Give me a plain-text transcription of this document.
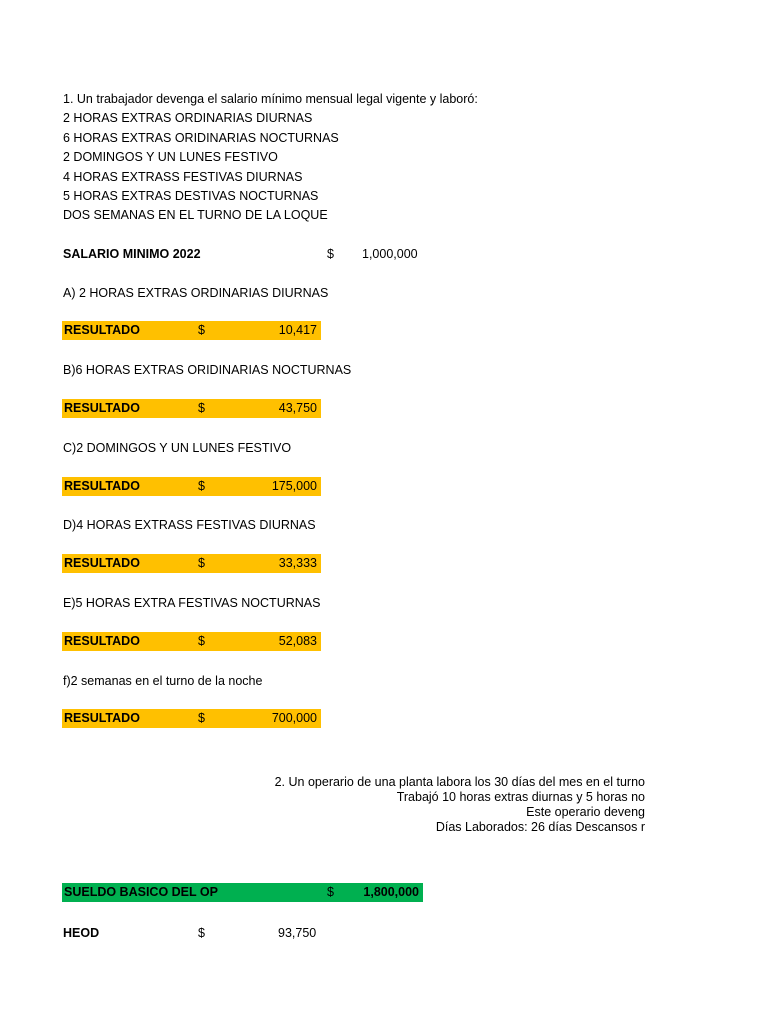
1. Un trabajador devenga el salario mínimo mensual legal vigente y laboró:
2 HORAS EXTRAS ORDINARIAS DIURNAS
6 HORAS EXTRAS ORIDINARIAS NOCTURNAS
2 DOMINGOS Y UN LUNES FESTIVO
4 HORAS EXTRASS FESTIVAS DIURNAS
5 HORAS EXTRAS DESTIVAS NOCTURNAS
DOS SEMANAS EN EL TURNO DE LA LOQUE
SALARIO MINIMO 2022	$ 1,000,000
A) 2 HORAS EXTRAS ORDINARIAS DIURNAS
RESULTADO	$	10,417
B)6 HORAS EXTRAS ORIDINARIAS NOCTURNAS
RESULTADO	$	43,750
C)2 DOMINGOS Y UN LUNES FESTIVO
RESULTADO	$	175,000
D)4 HORAS EXTRASS FESTIVAS DIURNAS
RESULTADO	$	33,333
E)5 HORAS EXTRA FESTIVAS NOCTURNAS
RESULTADO	$	52,083
f)2 semanas en el turno de la noche
RESULTADO	$	700,000
2. Un operario de una planta labora los 30 días del mes en el turno
Trabajó 10 horas extras diurnas y 5 horas no
Este operario deveng
Días Laborados: 26 días Descansos r
SUELDO BASICO DEL OP	$ 1,800,000
HEOD	$	93,750
